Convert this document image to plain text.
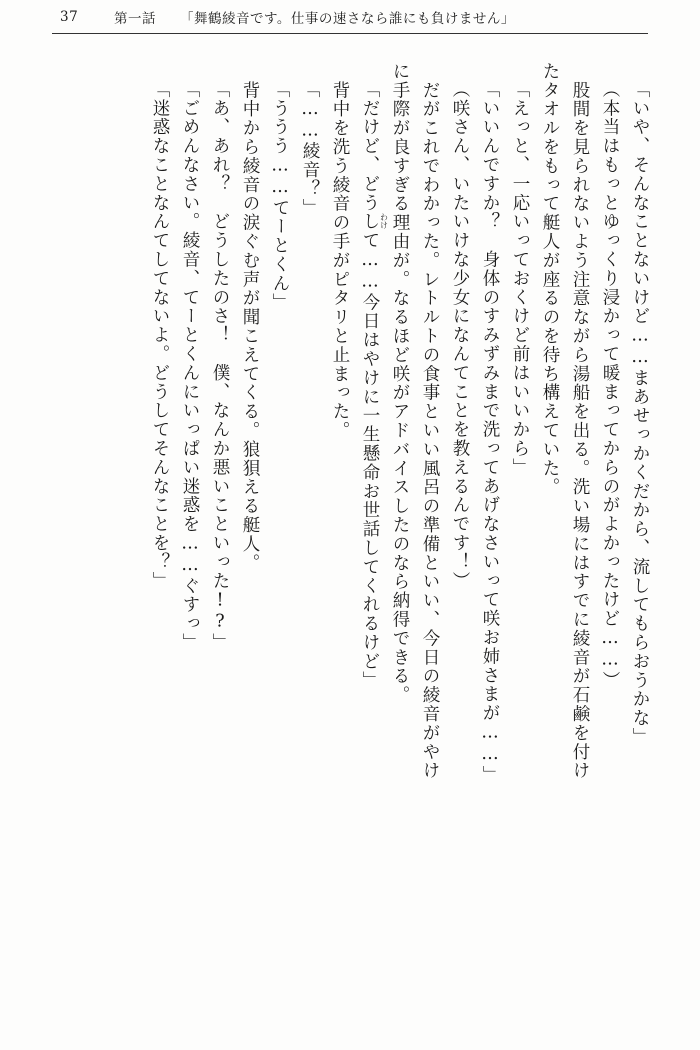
37	第一話 「舞鶴綾音です。仕事の速さなら誰にも負けません」
「いや、そんなことないけど……まあせっかくだから、流してもらおうかな」
（本当はもっとゆっくり浸かって暖まってからのがよかったけど……）
　股間を見られないよう注意ながら湯船を出る。洗い場にはすでに綾音が石鹸を付け
たタオルをもって艇人が座るのを待ち構えていた。
「えっと、一応いっておくけど前はいいから」
「いいんですか？　身体のすみずみまで洗ってあげなさいって咲お姉さまが……」
（咲さん、いたいけな少女になんてことを教えるんです！）
　だがこれでわかった。レトルトの食事といい風呂の準備といい、今日の綾音がやけ
に手際が良すぎる理由
わけ
が。なるほど咲がアドバイスしたのなら納得できる。
「だけど、どうして……今日はやけに一生懸命お世話してくれるけど」
　背中を洗う綾音の手がピタリと止まった。
「……綾音？」
「ううう……てーとくん」
　背中から綾音の涙ぐむ声が聞こえてくる。狼狽える艇人。
「あ、あれ？　どうしたのさ！　僕、なんか悪いこといった!?」
「ごめんなさい。綾音、てーとくんにいっぱい迷惑を……ぐすっ」
「迷惑なことなんてしてないよ。どうしてそんなことを？」
